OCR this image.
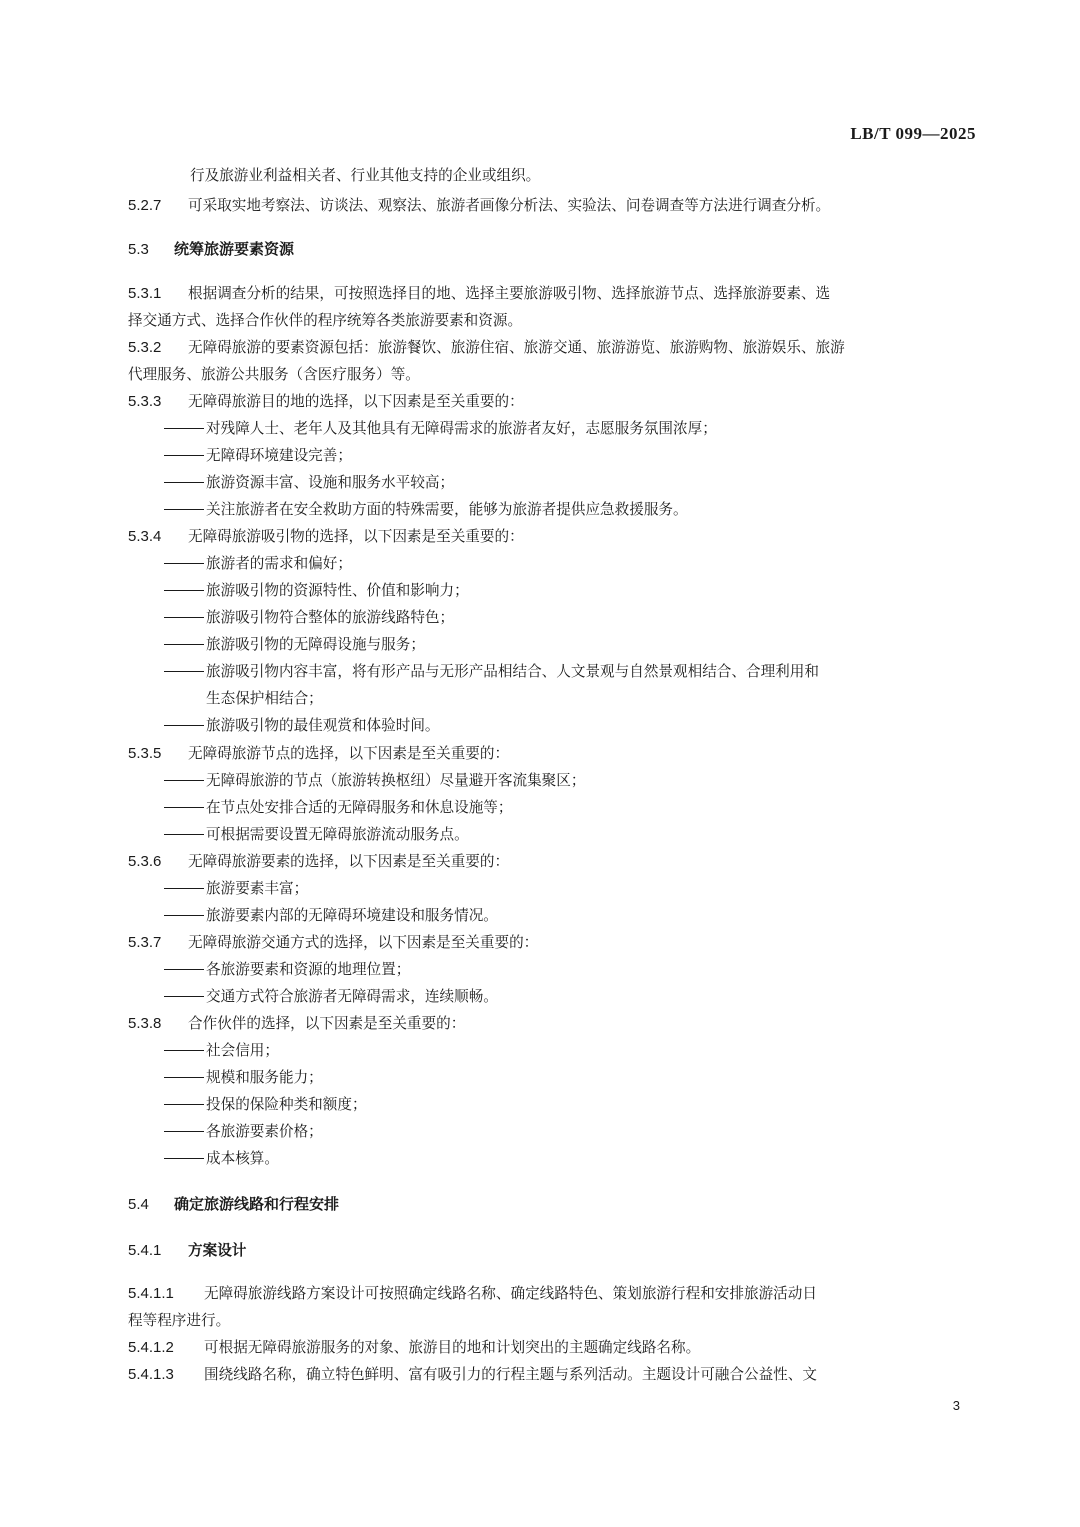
LB/T 099—2025
行及旅游业利益相关者、行业其他支持的企业或组织。
5.2.7 可采取实地考察法、访谈法、观察法、旅游者画像分析法、实验法、问卷调查等方法进行调查分析。
5.3 统筹旅游要素资源
5.3.1 根据调查分析的结果，可按照选择目的地、选择主要旅游吸引物、选择旅游节点、选择旅游要素、选
择交通方式、选择合作伙伴的程序统筹各类旅游要素和资源。
5.3.2 无障碍旅游的要素资源包括：旅游餐饮、旅游住宿、旅游交通、旅游游览、旅游购物、旅游娱乐、旅游
代理服务、旅游公共服务（含医疗服务）等。
5.3.3 无障碍旅游目的地的选择，以下因素是至关重要的：
对残障人士、老年人及其他具有无障碍需求的旅游者友好，志愿服务氛围浓厚；
无障碍环境建设完善；
旅游资源丰富、设施和服务水平较高；
关注旅游者在安全救助方面的特殊需要，能够为旅游者提供应急救援服务。
5.3.4 无障碍旅游吸引物的选择，以下因素是至关重要的：
旅游者的需求和偏好；
旅游吸引物的资源特性、价值和影响力；
旅游吸引物符合整体的旅游线路特色；
旅游吸引物的无障碍设施与服务；
旅游吸引物内容丰富，将有形产品与无形产品相结合、人文景观与自然景观相结合、合理利用和
生态保护相结合；
旅游吸引物的最佳观赏和体验时间。
5.3.5 无障碍旅游节点的选择，以下因素是至关重要的：
无障碍旅游的节点（旅游转换枢纽）尽量避开客流集聚区；
在节点处安排合适的无障碍服务和休息设施等；
可根据需要设置无障碍旅游流动服务点。
5.3.6 无障碍旅游要素的选择，以下因素是至关重要的：
旅游要素丰富；
旅游要素内部的无障碍环境建设和服务情况。
5.3.7 无障碍旅游交通方式的选择，以下因素是至关重要的：
各旅游要素和资源的地理位置；
交通方式符合旅游者无障碍需求，连续顺畅。
5.3.8 合作伙伴的选择，以下因素是至关重要的：
社会信用；
规模和服务能力；
投保的保险种类和额度；
各旅游要素价格；
成本核算。
5.4 确定旅游线路和行程安排
5.4.1 方案设计
5.4.1.1 无障碍旅游线路方案设计可按照确定线路名称、确定线路特色、策划旅游行程和安排旅游活动日
程等程序进行。
5.4.1.2 可根据无障碍旅游服务的对象、旅游目的地和计划突出的主题确定线路名称。
5.4.1.3 围绕线路名称，确立特色鲜明、富有吸引力的行程主题与系列活动。主题设计可融合公益性、文
3
